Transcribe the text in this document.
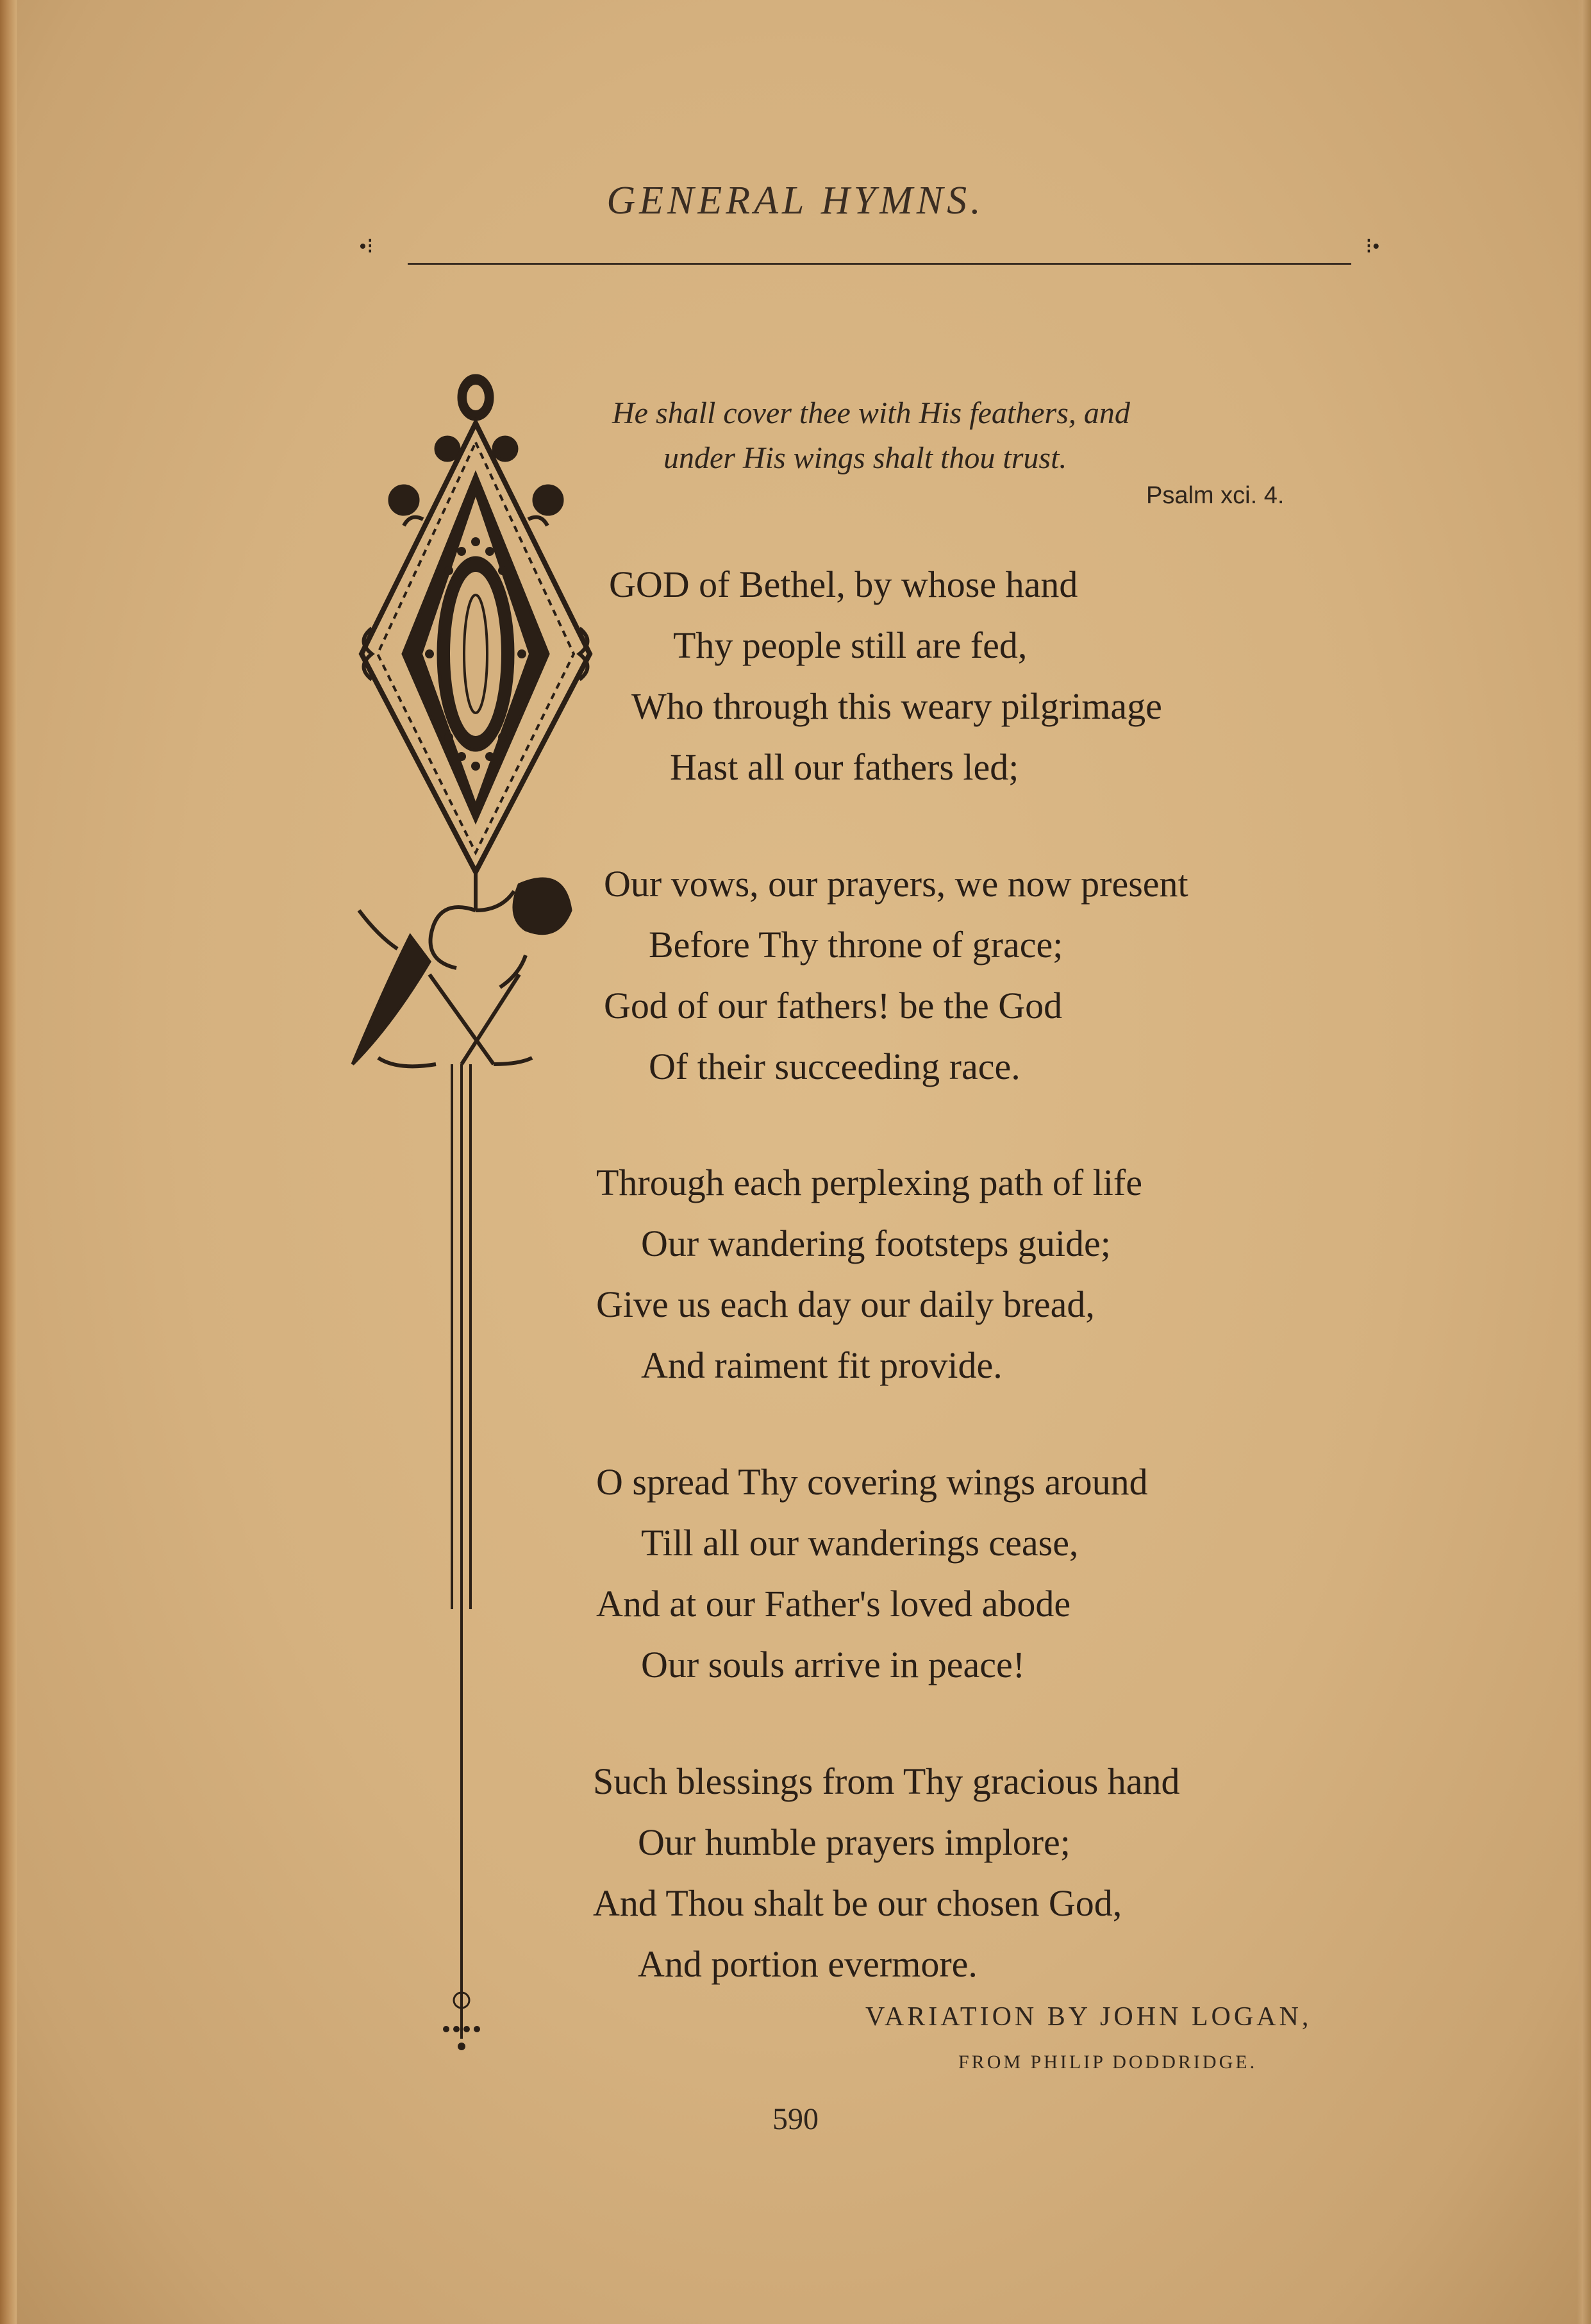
GENERAL HYMNS.
•⁝	⁝•
He shall cover thee with His feathers, and
under His wings shalt thou trust.
Psalm xci. 4.
GOD of Bethel, by whose hand
Thy people still are fed,
Who through this weary pilgrimage
Hast all our fathers led;
Our vows, our prayers, we now present
Before Thy throne of grace;
God of our fathers! be the God
Of their succeeding race.
Through each perplexing path of life
Our wandering footsteps guide;
Give us each day our daily bread,
And raiment fit provide.
O spread Thy covering wings around
Till all our wanderings cease,
And at our Father's loved abode
Our souls arrive in peace!
Such blessings from Thy gracious hand
Our humble prayers implore;
And Thou shalt be our chosen God,
And portion evermore.
VARIATION BY JOHN LOGAN,
FROM PHILIP DODDRIDGE.
590
